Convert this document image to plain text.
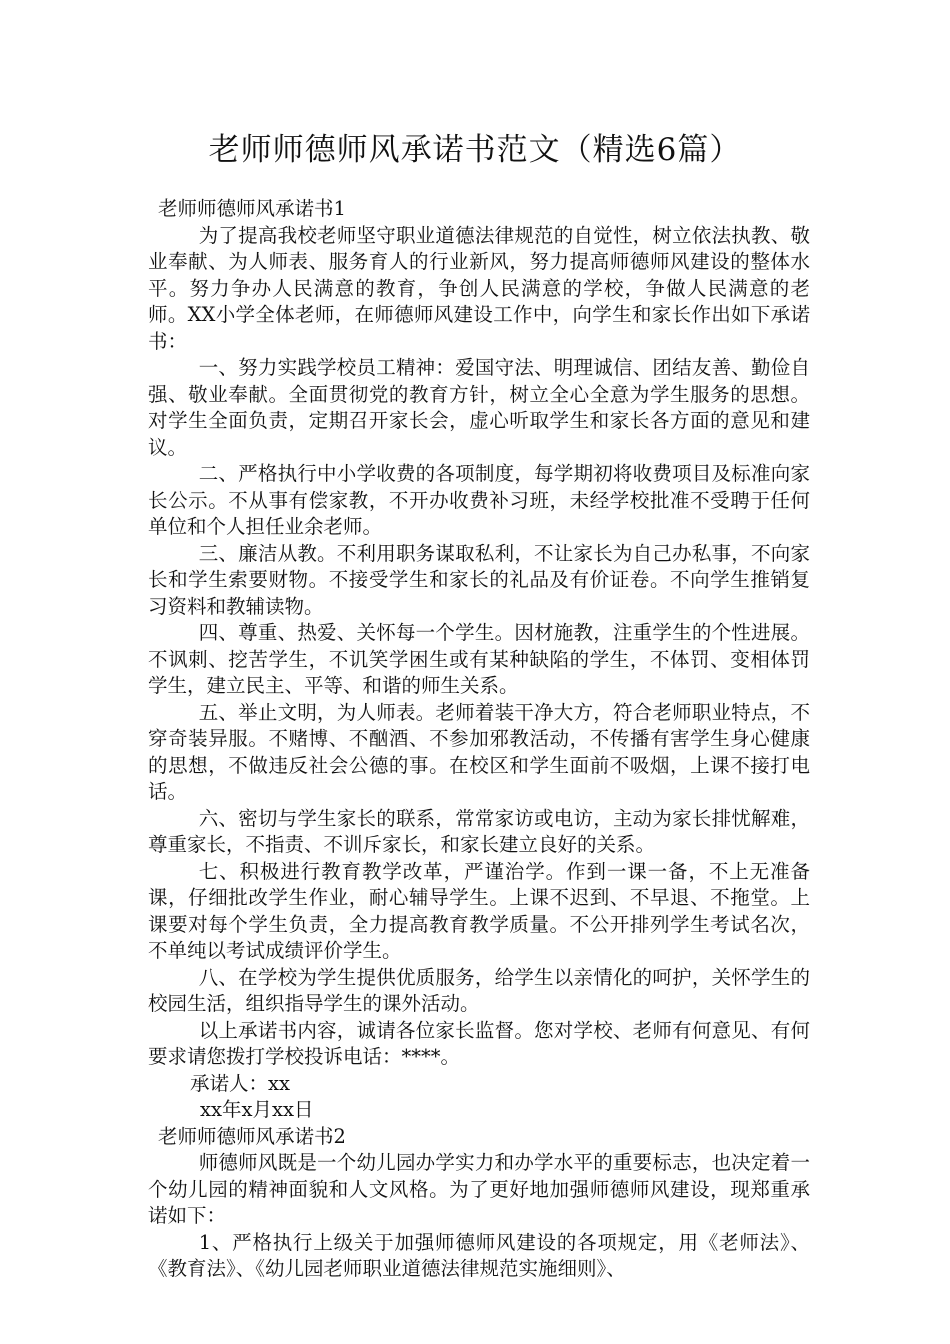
老师师德师风承诺书范文（精选6篇）
老师师德师风承诺书1

为了提高我校老师坚守职业道德法律规范的自觉性，树立依法执教、敬业奉献、为人师表、服务育人的行业新风，努力提高师德师风建设的整体水平。努力争办人民满意的教育，争创人民满意的学校，争做人民满意的老师。XX小学全体老师，在师德师风建设工作中，向学生和家长作出如下承诺书：

一、努力实践学校员工精神：爱国守法、明理诚信、团结友善、勤俭自强、敬业奉献。全面贯彻党的教育方针，树立全心全意为学生服务的思想。对学生全面负责，定期召开家长会，虚心听取学生和家长各方面的意见和建议。

二、严格执行中小学收费的各项制度，每学期初将收费项目及标准向家长公示。不从事有偿家教，不开办收费补习班，未经学校批准不受聘于任何单位和个人担任业余老师。

三、廉洁从教。不利用职务谋取私利，不让家长为自己办私事，不向家长和学生索要财物。不接受学生和家长的礼品及有价证卷。不向学生推销复习资料和教辅读物。

四、尊重、热爱、关怀每一个学生。因材施教，注重学生的个性进展。不讽刺、挖苦学生，不讥笑学困生或有某种缺陷的学生，不体罚、变相体罚学生，建立民主、平等、和谐的师生关系。

五、举止文明，为人师表。老师着装干净大方，符合老师职业特点，不穿奇装异服。不赌博、不酗酒、不参加邪教活动，不传播有害学生身心健康的思想，不做违反社会公德的事。在校区和学生面前不吸烟，上课不接打电话。

六、密切与学生家长的联系，常常家访或电访，主动为家长排忧解难，尊重家长，不指责、不训斥家长，和家长建立良好的关系。

七、积极进行教育教学改革，严谨治学。作到一课一备，不上无准备课，仔细批改学生作业，耐心辅导学生。上课不迟到、不早退、不拖堂。上课要对每个学生负责，全力提高教育教学质量。不公开排列学生考试名次，不单纯以考试成绩评价学生。

八、在学校为学生提供优质服务，给学生以亲情化的呵护，关怀学生的校园生活，组织指导学生的课外活动。

以上承诺书内容，诚请各位家长监督。您对学校、老师有何意见、有何要求请您拨打学校投诉电话：****。

承诺人：xx

xx年x月xx日

老师师德师风承诺书2

师德师风既是一个幼儿园办学实力和办学水平的重要标志，也决定着一个幼儿园的精神面貌和人文风格。为了更好地加强师德师风建设，现郑重承诺如下：

1、严格执行上级关于加强师德师风建设的各项规定，用《老师法》、《教育法》、《幼儿园老师职业道德法律规范实施细则》、
